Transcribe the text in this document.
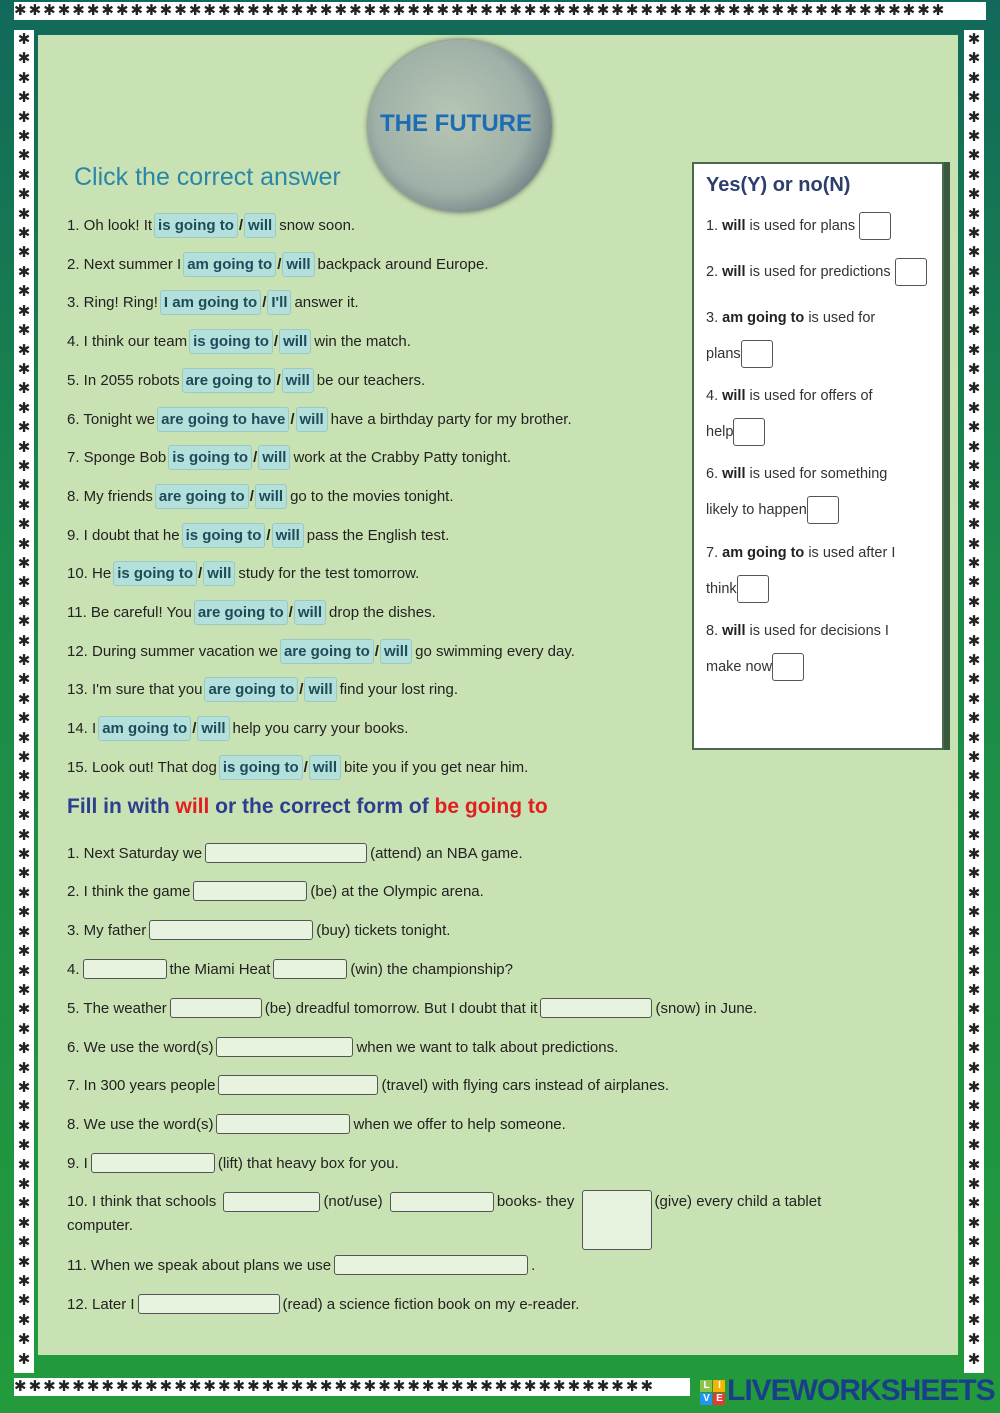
✱✱✱✱✱✱✱✱✱✱✱✱✱✱✱✱✱✱✱✱✱✱✱✱✱✱✱✱✱✱✱✱✱✱✱✱✱✱✱✱✱✱✱✱✱✱✱✱✱✱✱✱✱✱✱✱✱✱✱✱✱✱✱✱
✱✱✱✱✱✱✱✱✱✱✱✱✱✱✱✱✱✱✱✱✱✱✱✱✱✱✱✱✱✱✱✱✱✱✱✱✱✱✱✱✱✱✱✱
✱✱✱✱✱✱✱✱✱✱✱✱✱✱✱✱✱✱✱✱✱✱✱✱✱✱✱✱✱✱✱✱✱✱✱✱✱✱✱✱✱✱✱✱✱✱✱✱✱✱✱✱✱✱✱✱✱✱✱✱✱✱✱✱✱✱✱✱✱
✱✱✱✱✱✱✱✱✱✱✱✱✱✱✱✱✱✱✱✱✱✱✱✱✱✱✱✱✱✱✱✱✱✱✱✱✱✱✱✱✱✱✱✱✱✱✱✱✱✱✱✱✱✱✱✱✱✱✱✱✱✱✱✱✱✱✱✱✱
THE FUTURE
Click the correct answer
1. Oh look! It is going to / will snow soon.
2. Next summer I am going to / will backpack around Europe.
3. Ring! Ring! I am going to / I'll answer it.
4. I think our team is going to / will win the match.
5. In 2055 robots are going to / will be our teachers.
6. Tonight we are going to have / will have a birthday party for my brother.
7. Sponge Bob is going to / will work at the Crabby Patty tonight.
8. My friends are going to / will go to the movies tonight.
9. I doubt that he is going to / will pass the English test.
10. He is going to / will study for the test tomorrow.
11. Be careful! You are going to / will drop the dishes.
12. During summer vacation we are going to / will go swimming every day.
13. I'm sure that you are going to / will find your lost ring.
14. I am going to / will help you carry your books.
15. Look out! That dog is going to / will bite you if you get near him.
Yes(Y) or no(N)
1. will is used for plans
2. will is used for predictions
3. am going to is used for
plans
4. will is used for offers of
help
6. will is used for something
likely to happen
7. am going to is used after I
think
8. will is used for decisions I
make now
Fill in with will or the correct form of be going to
1. Next Saturday we	(attend) an NBA game.
2. I think the game	(be) at the Olympic arena.
3. My father	(buy) tickets tonight.
4.	the Miami Heat	(win) the championship?
5. The weather	(be) dreadful tomorrow. But I doubt that it	(snow) in June.
6. We use the word(s)	when we want to talk about predictions.
7. In 300 years people	(travel) with flying cars instead of airplanes.
8. We use the word(s)	when we offer to help someone.
9. I	(lift) that heavy box for you.
10. I think that schools	(not/use)	books- they	(give) every child a tablet computer.
11. When we speak about plans we use	.
12. Later I	(read) a science fiction book on my e-reader.
L I
V E LIVEWORKSHEETS
